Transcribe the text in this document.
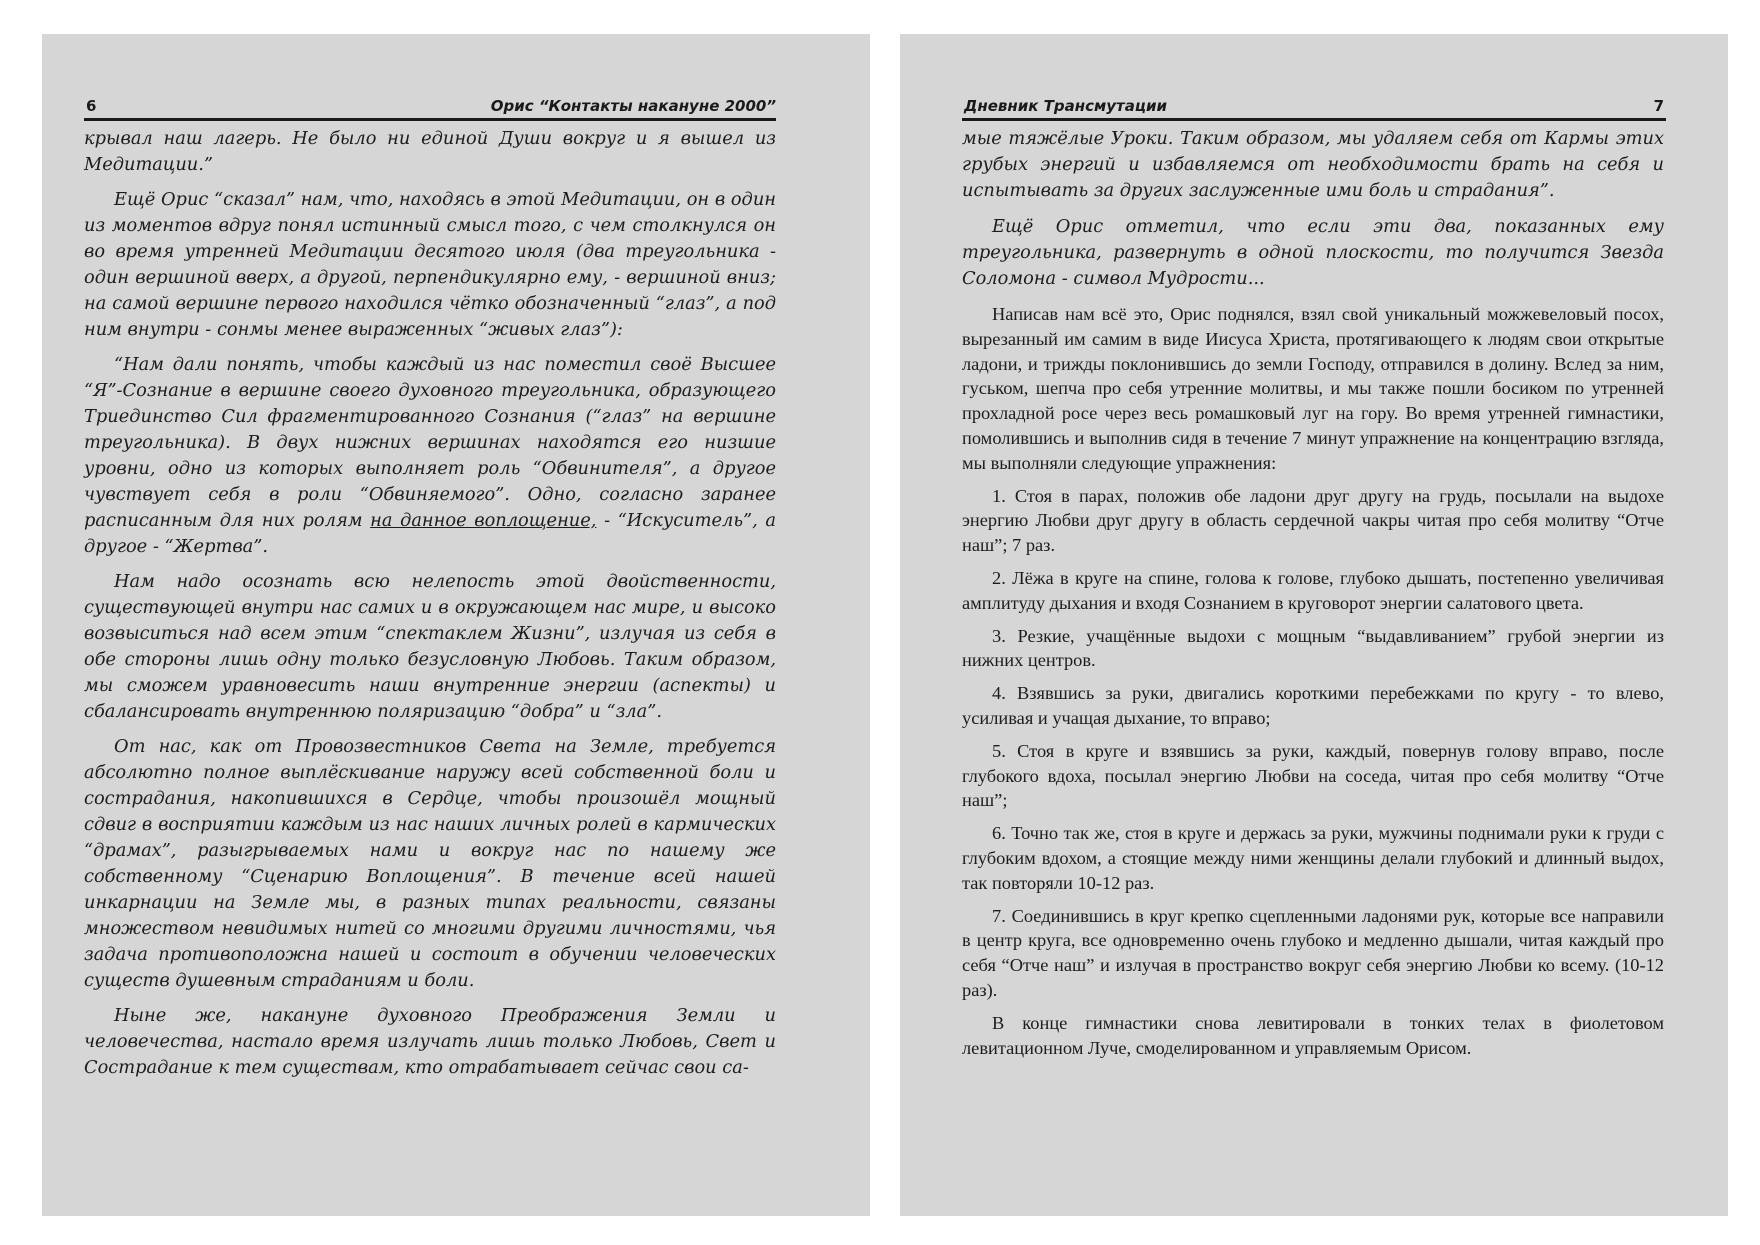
6	Орис “Контакты накануне 2000”

крывал наш лагерь. Не было ни единой Души вокруг и я вышел из Медитации.”

Ещё Орис “сказал” нам, что, находясь в этой Медитации, он в один из моментов вдруг понял истинный смысл того, с чем столкнулся он во время утренней Медитации десятого июля (два треугольника - один вершиной вверх, а другой, перпендикулярно ему, - вершиной вниз; на самой вершине первого находился чётко обозначенный “глаз”, а под ним внутри - сонмы менее выраженных “живых глаз”):

“Нам дали понять, чтобы каждый из нас поместил своё Высшее “Я”-Сознание в вершине своего духовного треугольника, образующего Триединство Сил фрагментированного Сознания (“глаз” на вершине треугольника). В двух нижних вершинах находятся его низшие уровни, одно из которых выполняет роль “Обвинителя”, а другое чувствует себя в роли “Обвиняемого”. Одно, согласно заранее расписанным для них ролям на данное воплощение, - “Искуситель”, а другое - “Жертва”.

Нам надо осознать всю нелепость этой двойственности, существующей внутри нас самих и в окружающем нас мире, и высоко возвыситься над всем этим “спектаклем Жизни”, излучая из себя в обе стороны лишь одну только безусловную Любовь. Таким образом, мы сможем уравновесить наши внутренние энергии (аспекты) и сбалансировать внутреннюю поляризацию “добра” и “зла”.

От нас, как от Провозвестников Света на Земле, требуется абсолютно полное выплёскивание наружу всей собственной боли и сострадания, накопившихся в Сердце, чтобы произошёл мощный сдвиг в восприятии каждым из нас наших личных ролей в кармических “драмах”, разыгрываемых нами и вокруг нас по нашему же собственному “Сценарию Воплощения”. В течение всей нашей инкарнации на Земле мы, в разных типах реальности, связаны множеством невидимых нитей со многими другими личностями, чья задача противоположна нашей и состоит в обучении человеческих существ душевным страданиям и боли.

Ныне же, накануне духовного Преображения Земли и человечества, настало время излучать лишь только Любовь, Свет и Сострадание к тем существам, кто отрабатывает сейчас свои са-

Дневник Трансмутации	7

мые тяжёлые Уроки. Таким образом, мы удаляем себя от Кармы этих грубых энергий и избавляемся от необходимости брать на себя и испытывать за других заслуженные ими боль и страдания”.

Ещё Орис отметил, что если эти два, показанных ему треугольника, развернуть в одной плоскости, то получится Звезда Соломона - символ Мудрости...

Написав нам всё это, Орис поднялся, взял свой уникальный можжевеловый посох, вырезанный им самим в виде Иисуса Христа, протягивающего к людям свои открытые ладони, и трижды поклонившись до земли Господу, отправился в долину. Вслед за ним, гуськом, шепча про себя утренние молитвы, и мы также пошли босиком по утренней прохладной росе через весь ромашковый луг на гору. Во время утренней гимнастики, помолившись и выполнив сидя в течение 7 минут упражнение на концентрацию взгляда, мы выполняли следующие упражнения:

1. Стоя в парах, положив обе ладони друг другу на грудь, посылали на выдохе энергию Любви друг другу в область сердечной чакры читая про себя молитву “Отче наш”; 7 раз.

2. Лёжа в круге на спине, голова к голове, глубоко дышать, постепенно увеличивая амплитуду дыхания и входя Сознанием в круговорот энергии салатового цвета.

3. Резкие, учащённые выдохи с мощным “выдавливанием” грубой энергии из нижних центров.

4. Взявшись за руки, двигались короткими перебежками по кругу - то влево, усиливая и учащая дыхание, то вправо;

5. Стоя в круге и взявшись за руки, каждый, повернув голову вправо, после глубокого вдоха, посылал энергию Любви на соседа, читая про себя молитву “Отче наш”;

6. Точно так же, стоя в круге и держась за руки, мужчины поднимали руки к груди с глубоким вдохом, а стоящие между ними женщины делали глубокий и длинный выдох, так повторяли 10-12 раз.

7. Соединившись в круг крепко сцепленными ладонями рук, которые все направили в центр круга, все одновременно очень глубоко и медленно дышали, читая каждый про себя “Отче наш” и излучая в пространство вокруг себя энергию Любви ко всему. (10-12 раз).

В конце гимнастики снова левитировали в тонких телах в фиолетовом левитационном Луче, смоделированном и управляемым Орисом.
